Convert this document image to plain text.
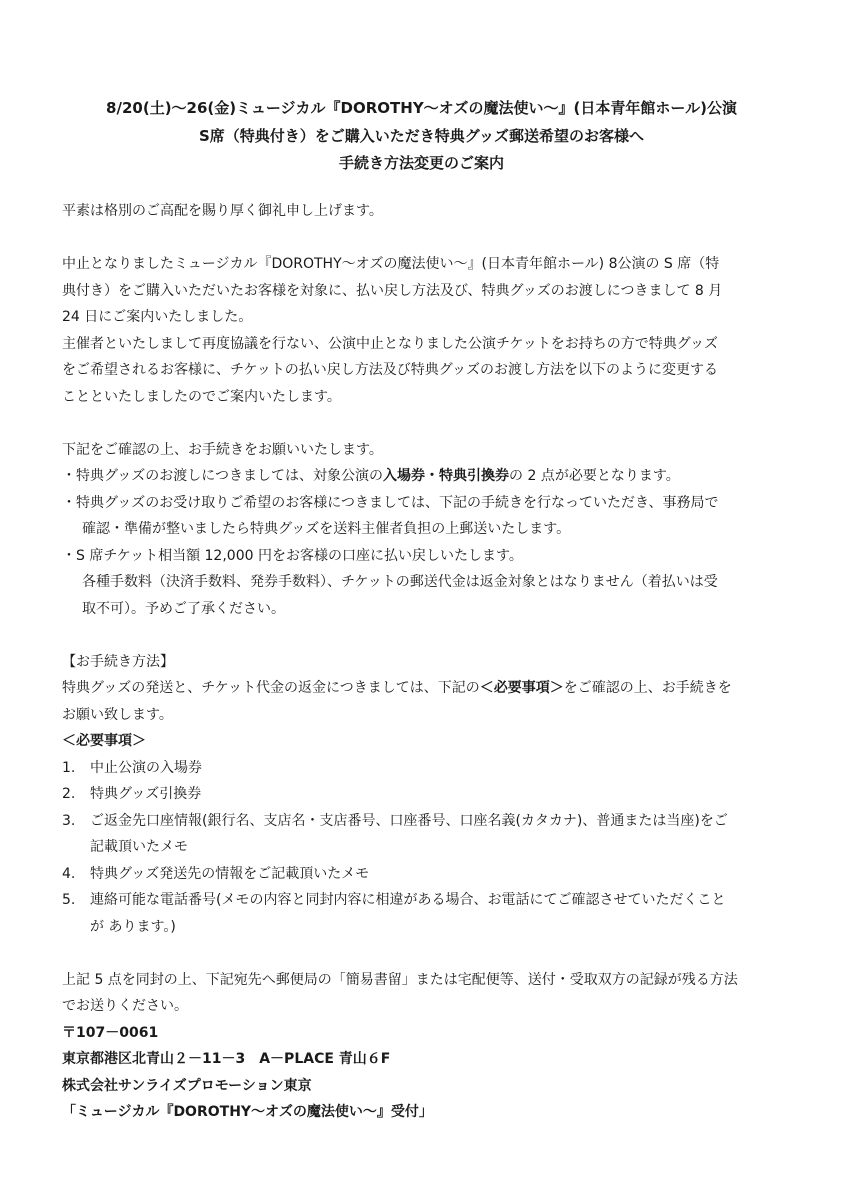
8/20(土)〜26(金)ミュージカル『DOROTHY〜オズの魔法使い〜』(日本青年館ホール)公演
S席（特典付き）をご購入いただき特典グッズ郵送希望のお客様へ
手続き方法変更のご案内

平素は格別のご高配を賜り厚く御礼申し上げます。

中止となりましたミュージカル『DOROTHY〜オズの魔法使い〜』(日本青年館ホール) 8公演の S 席（特

典付き）をご購入いただいたお客様を対象に、払い戻し方法及び、特典グッズのお渡しにつきまして 8 月

24 日にご案内いたしました。

主催者といたしまして再度協議を行ない、公演中止となりました公演チケットをお持ちの方で特典グッズ

をご希望されるお客様に、チケットの払い戻し方法及び特典グッズのお渡し方法を以下のように変更する

ことといたしましたのでご案内いたします。

下記をご確認の上、お手続きをお願いいたします。

・特典グッズのお渡しにつきましては、対象公演の入場券・特典引換券の 2 点が必要となります。

・特典グッズのお受け取りご希望のお客様につきましては、下記の手続きを行なっていただき、事務局で

確認・準備が整いましたら特典グッズを送料主催者負担の上郵送いたします。

・S 席チケット相当額 12,000 円をお客様の口座に払い戻しいたします。

各種手数料（決済手数料、発券手数料）、チケットの郵送代金は返金対象とはなりません（着払いは受

取不可）。予めご了承ください。

【お手続き方法】

特典グッズの発送と、チケット代金の返金につきましては、下記の＜必要事項＞をご確認の上、お手続きを

お願い致します。

＜必要事項＞

1. 中止公演の入場券

2. 特典グッズ引換券

3. ご返金先口座情報(銀行名、支店名・支店番号、口座番号、口座名義(カタカナ)、普通または当座)をご

記載頂いたメモ

4. 特典グッズ発送先の情報をご記載頂いたメモ

5. 連絡可能な電話番号(メモの内容と同封内容に相違がある場合、お電話にてご確認させていただくこと

が あります。)

上記 5 点を同封の上、下記宛先へ郵便局の「簡易書留」または宅配便等、送付・受取双方の記録が残る方法

でお送りください。

〒107－0061

東京都港区北青山２－11－3　A－PLACE 青山６F

株式会社サンライズプロモーション東京

「ミュージカル『DOROTHY〜オズの魔法使い〜』受付」
